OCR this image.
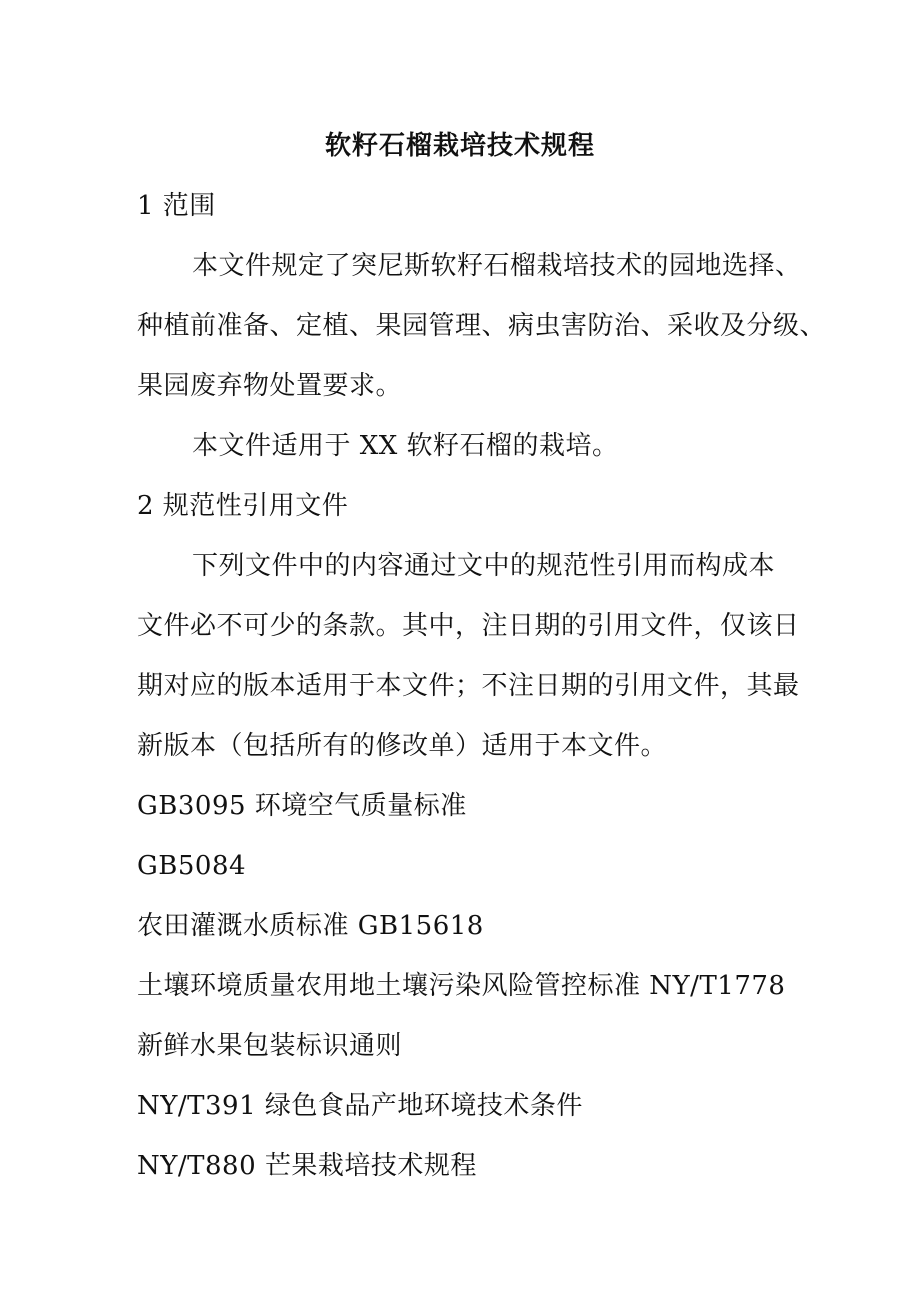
软籽石榴栽培技术规程
1 范围
本文件规定了突尼斯软籽石榴栽培技术的园地选择、
种植前准备、定植、果园管理、病虫害防治、采收及分级、
果园废弃物处置要求。
本文件适用于 XX 软籽石榴的栽培。
2 规范性引用文件
下列文件中的内容通过文中的规范性引用而构成本
文件必不可少的条款。其中，注日期的引用文件，仅该日
期对应的版本适用于本文件；不注日期的引用文件，其最
新版本（包括所有的修改单）适用于本文件。
GB3095 环境空气质量标准
GB5084
农田灌溉水质标准 GB15618
土壤环境质量农用地土壤污染风险管控标准 NY/T1778
新鲜水果包装标识通则
NY/T391 绿色食品产地环境技术条件
NY/T880 芒果栽培技术规程
